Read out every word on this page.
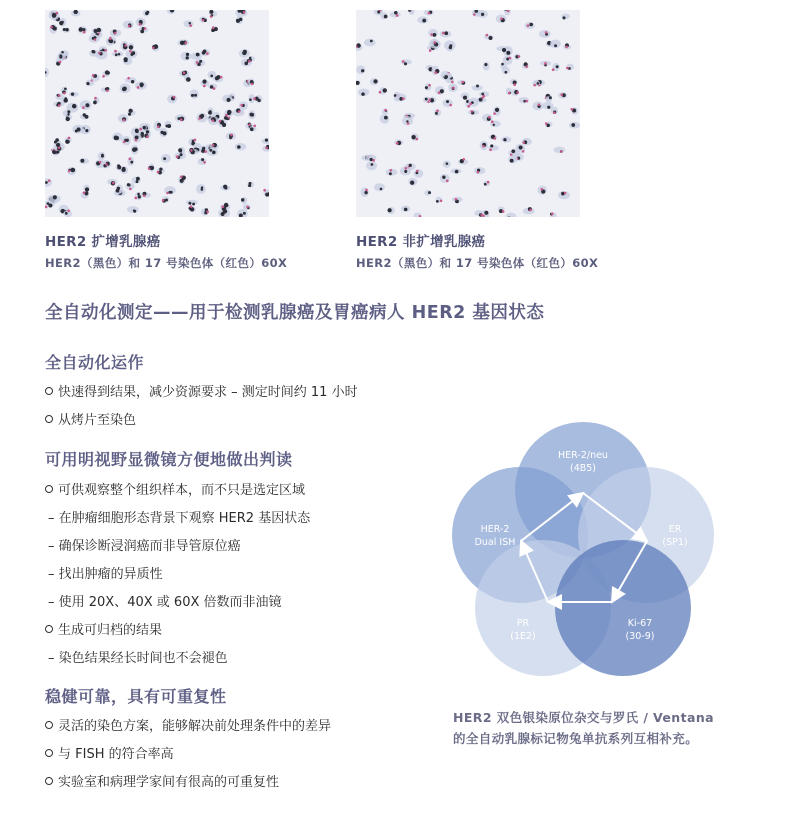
HER2 扩增乳腺癌
HER2（黑色）和 17 号染色体（红色）60X
HER2 非扩增乳腺癌
HER2（黑色）和 17 号染色体（红色）60X
全自动化测定——用于检测乳腺癌及胃癌病人 HER2 基因状态
全自动化运作
快速得到结果，减少资源要求 – 测定时间约 11 小时
从烤片至染色
可用明视野显微镜方便地做出判读
可供观察整个组织样本，而不只是选定区域
– 在肿瘤细胞形态背景下观察 HER2 基因状态
– 确保诊断浸润癌而非导管原位癌
– 找出肿瘤的异质性
– 使用 20X、40X 或 60X 倍数而非油镜
生成可归档的结果
– 染色结果经长时间也不会褪色
稳健可靠，具有可重复性
灵活的染色方案，能够解决前处理条件中的差异
与 FISH 的符合率高
实验室和病理学家间有很高的可重复性
HER-2/neu
(4B5)
HER-2
Dual ISH
ER
(SP1)
PR
(1E2)
Ki-67
(30-9)
HER2 双色银染原位杂交与罗氏 / Ventana
的全自动乳腺标记物兔单抗系列互相补充。
